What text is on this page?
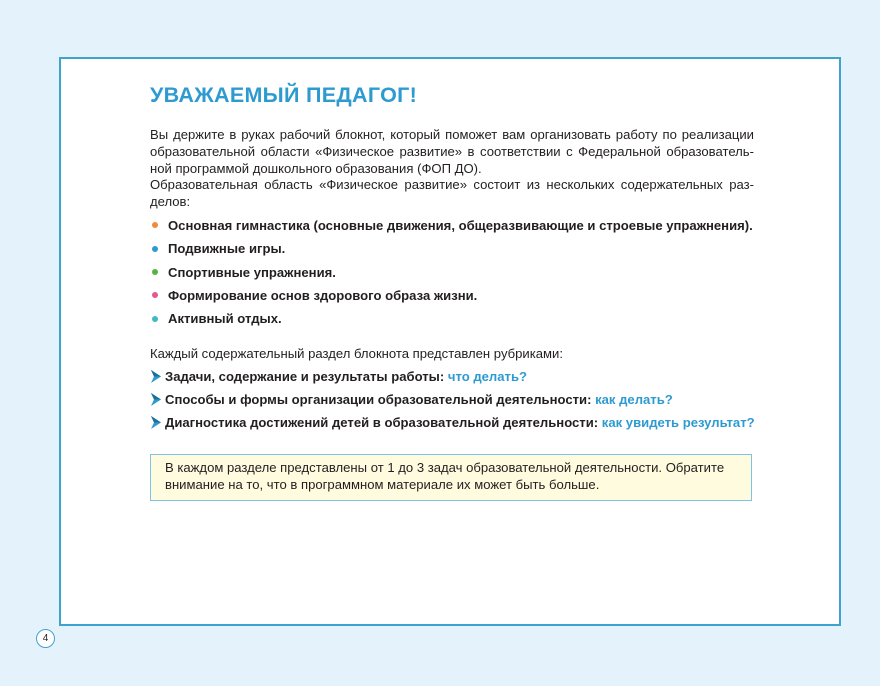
УВАЖАЕМЫЙ ПЕДАГОГ!

Вы держите в руках рабочий блокнот, который поможет вам организовать работу по реализации образовательной области «Физическое развитие» в соответствии с Федеральной образовательной программой дошкольного образования (ФОП ДО).

Образовательная область «Физическое развитие» состоит из нескольких содержательных разделов:

Основная гимнастика (основные движения, общеразвивающие и строевые упражнения).
Подвижные игры.
Спортивные упражнения.
Формирование основ здорового образа жизни.
Активный отдых.

Каждый содержательный раздел блокнота представлен рубриками:

Задачи, содержание и результаты работы: что делать?
Способы и формы организации образовательной деятельности: как делать?
Диагностика достижений детей в образовательной деятельности: как увидеть результат?
В каждом разделе представлены от 1 до 3 задач образовательной деятельности. Обратите внимание на то, что в программном материале их может быть больше.
4
